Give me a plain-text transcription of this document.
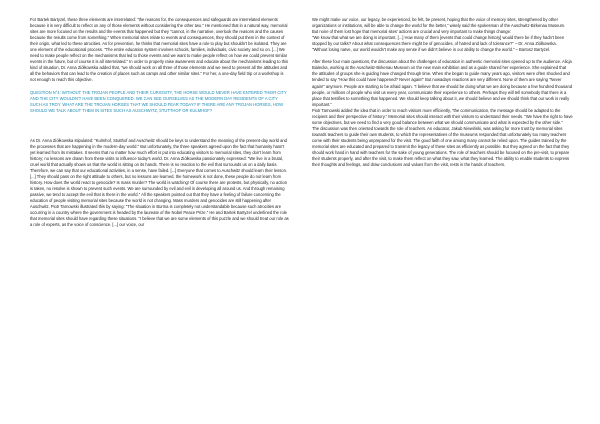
For Bartek Bartyzel, these three elements are interrelated: "the reasons for, the consequences and safeguards are interrelated elements because it is very difficult to reflect on any of those elements without considering the other two." He mentioned that in a natural way, memorial sites are more focused on the results and the events that happened but they "cannot, in the narrative, overlook the reasons and the causes because the results come from something." When memorial sites relate to events and consequences, they should put them in the context of their origin, what led to these atrocities. As for prevention, he thinks that memorial sites have a role to play but shouldn't be isolated. They are one element of the educational process. "The entire education system involves schools, families, individuals, civic society and so on. [...] We need to make people reflect on the mechanisms that led to those events and we want to make people reflect on how we could prevent similar events in the future, but of course it is all interrelated." In order to properly raise awareness and educate about the mechanisms leading to this kind of situation, Dr. Anna Ziółkowska added that, "we should work on all three of those elements and we need to present all the attitudes and all the behaviors that can lead to the creation of places such as camps and other similar sites." For her, a one-day field trip or a workshop is not enough to reach this objective.

QUESTION N°4: WITHOUT THE TROJAN PEOPLE AND THEIR CURIOSITY, THE HORSE WOULD NEVER HAVE ENTERED THEIR CITY AND THE CITY WOULDN'T HAVE BEEN CONQUERED. WE CAN SEE OURSELVES AS THE MODERN DAY RESIDENTS OF A CITY SUCH AS TROY. WHAT ARE THE TROJAN HORSES THAT WE SHOULD FEAR TODAY? IF THERE ARE ANY TROJAN HORSES, HOW SHOULD WE TALK ABOUT THEM IN SITES SUCH AS AUSCHWITZ, STUTTHOF OR KULMHOF?

As Dr. Anna Ziółkowska stipulated: "Kulmhof, Stutthof and Auschwitz should be keys to understand the meaning of the present-day world and the processes that are happening in the modern-day world." But unfortunately, the three speakers agreed upon the fact that humanity hasn't yet learned from its mistakes. It seems that no matter how much effort is put into educating visitors to memorial sites, they don't learn from history; no lessons are drawn from these visits to influence today's world. Dr. Anna Ziółkowska passionately expressed: "We live in a brutal, cruel world that actually shows us that the world is sitting on its hands. There is no reaction to the evil that surrounds us on a daily basis. Therefore, we can say that our educational activities, in a sense, have failed. [...] Everyone that comes to Auschwitz should learn their lesson. [...] They should pass on the right attitude to others, but no lessons are learned, the homework is not done, these people do not learn from history. How does the world react to genocide? Is mass murder? The world is watching! Of course there are protests, but physically, no action is taken, no resolve is shown to prevent such events. We are surrounded by evil and evil is developing all around us. And through remaining passive, we tend to accept the evil that is there in the world." All the speakers pointed out that they have a feeling of failure concerning the education of people visiting memorial sites because the world is not changing. Mass murders and genocides are still happening after Auschwitz. Piotr Tarnowski illustrated this by saying: "The situation in Burma is completely not understandable because such atrocities are occurring in a country where the government is headed by the laureate of the Nobel Peace Prize." He and Bartek Bartyzel underlined the role that memorial sites should have regarding these situations. "I believe that we are some elements of this puzzle and we should treat our role as a role of experts, as the voice of conscience. [...] our voice, our

We might make our voice, our legacy, be experienced, be felt, be present, hoping that the voice of memory sites, strengthened by other organizations or institutions, will be able to change the world for the better," wisely said the spokesman of the Auschwitz-Birkenau Museum.

But none of them lost hope that memorial sites' actions are crucial and very important to make things change:

"We know that what we are doing is important. [...] How many of them [events that could change history] would there be if they hadn't been stopped by our talks? About what consequences there might be of genocides, of hatred and lack of tolerance?" – Dr. Anna Ziółkowska.

"Without losing naïve, our world wouldn't make any sense if we didn't believe in our ability to change the world." – Bartosz Bartyzel.

After these four main questions, the discussion about the challenges of education in authentic memorial sites opened up to the audience. Alicja Bialecka, working at the Auschwitz-Birkenau Museum on the new main exhibition and as a guide shared her experience. She explained that the attitudes of groups she is guiding have changed through time. When she began to guide many years ago, visitors were often shocked and tended to say "How this could have happened? Never again!" But nowadays reactions are very different. None of them are saying "Never again!" anymore. People are starting to be afraid again. "I believe that we should be doing what we are doing because a few hundred thousand people, or millions of people who visit us every year, communicate their experience to others. Perhaps they will tell somebody that there is a place that testifies to something that happened. We should keep talking about it, we should believe and we should think that our work is really important."

Piotr Tarnowski added the idea that in order to reach visitors more efficiently, "the communication, the message should be adapted to the recipient and their perspective of history." Memorial sites should interact with their visitors to understand their needs. "We have the right to have some objectives, but we need to find a very good balance between what we should communicate and what is expected by the other side."

The discussion was then oriented towards the role of teachers. An educator, Jakub Niewiński, was asking for more trust by memorial sites towards teachers to guide their own students, to which the representatives of the museums responded that unfortunately too many teachers come with their students being unprepared for the visit. The good faith of one among many cannot be relied upon. The guides trained by the memorial sites are educated and prepared to transmit the legacy of these sites as efficiently as possible. But they agreed on the fact that they should work hand in hand with teachers for the sake of young generations. The role of teachers should be focused on the pre-visit, to prepare their students properly, and after the visit, to make them reflect on what they saw, what they learned. The ability to enable students to express their thoughts and feelings, and draw conclusions and values from the visit, rests in the hands of teachers.
